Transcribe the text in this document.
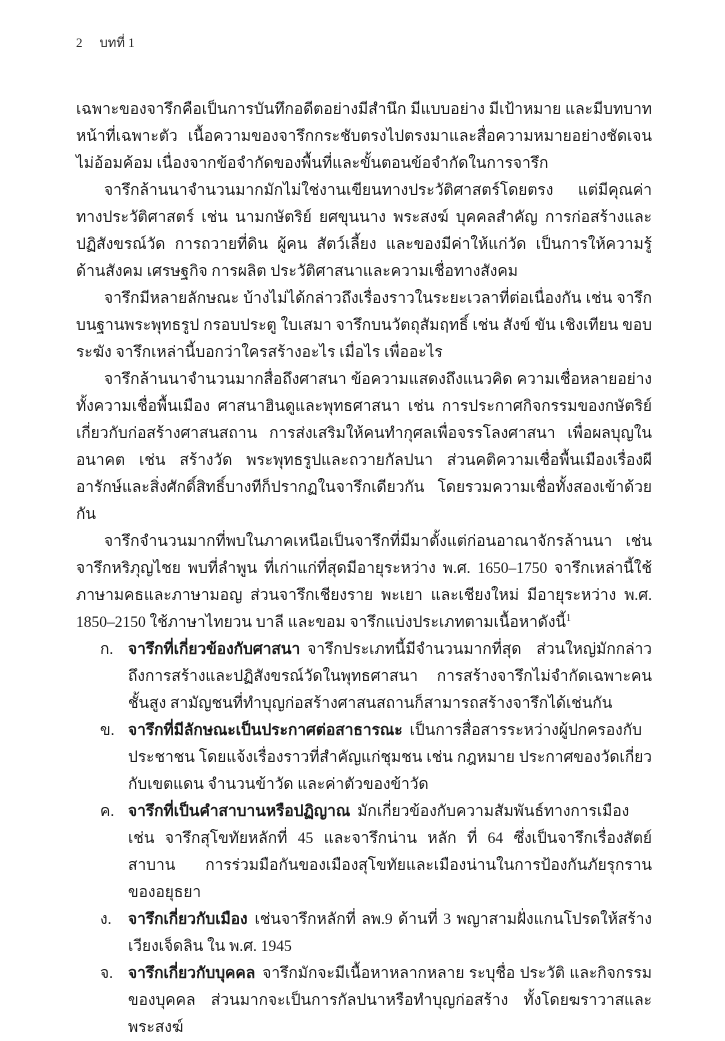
2 บทที่ 1

เฉพาะของจารึกคือเป็นการบันทึกอดีตอย่างมีสำนึก มีแบบอย่าง มีเป้าหมาย และมีบทบาทหน้าที่เฉพาะตัว เนื้อความของจารึกกระชับตรงไปตรงมาและสื่อความหมายอย่างชัดเจน ไม่อ้อมค้อม เนื่องจากข้อจำกัดของพื้นที่และขั้นตอนข้อจำกัดในการจารึก

จารึกล้านนาจำนวนมากมักไม่ใช่งานเขียนทางประวัติศาสตร์โดยตรง แต่มีคุณค่าทางประวัติศาสตร์ เช่น นามกษัตริย์ ยศขุนนาง พระสงฆ์ บุคคลสำคัญ การก่อสร้างและปฏิสังขรณ์วัด การถวายที่ดิน ผู้คน สัตว์เลี้ยง และของมีค่าให้แก่วัด เป็นการให้ความรู้ด้านสังคม เศรษฐกิจ การผลิต ประวัติศาสนาและความเชื่อทางสังคม

จารึกมีหลายลักษณะ บ้างไม่ได้กล่าวถึงเรื่องราวในระยะเวลาที่ต่อเนื่องกัน เช่น จารึกบนฐานพระพุทธรูป กรอบประตู ใบเสมา จารึกบนวัตถุสัมฤทธิ์ เช่น สังข์ ขัน เชิงเทียน ขอบระฆัง จารึกเหล่านี้บอกว่าใครสร้างอะไร เมื่อไร เพื่ออะไร

จารึกล้านนาจำนวนมากสื่อถึงศาสนา ข้อความแสดงถึงแนวคิด ความเชื่อหลายอย่างทั้งความเชื่อพื้นเมือง ศาสนาฮินดูและพุทธศาสนา เช่น การประกาศกิจกรรมของกษัตริย์เกี่ยวกับก่อสร้างศาสนสถาน การส่งเสริมให้คนทำกุศลเพื่อจรรโลงศาสนา เพื่อผลบุญในอนาคต เช่น สร้างวัด พระพุทธรูปและถวายกัลปนา ส่วนคติความเชื่อพื้นเมืองเรื่องผีอารักษ์และสิ่งศักดิ์สิทธิ์บางทีก็ปรากฏในจารึกเดียวกัน โดยรวมความเชื่อทั้งสองเข้าด้วยกัน

จารึกจำนวนมากที่พบในภาคเหนือเป็นจารึกที่มีมาตั้งแต่ก่อนอาณาจักรล้านนา เช่น จารึกหริภุญไชย พบที่ลำพูน ที่เก่าแก่ที่สุดมีอายุระหว่าง พ.ศ. 1650–1750 จารึกเหล่านี้ใช้ภาษามคธและภาษามอญ ส่วนจารึกเชียงราย พะเยา และเชียงใหม่ มีอายุระหว่าง พ.ศ. 1850–2150 ใช้ภาษาไทยวน บาลี และขอม จารึกแบ่งประเภทตามเนื้อหาดังนี้$^1$

ก. จารึกที่เกี่ยวข้องกับศาสนา จารึกประเภทนี้มีจำนวนมากที่สุด ส่วนใหญ่มักกล่าวถึงการสร้างและปฏิสังขรณ์วัดในพุทธศาสนา การสร้างจารึกไม่จำกัดเฉพาะคนชั้นสูง สามัญชนที่ทำบุญก่อสร้างศาสนสถานก็สามารถสร้างจารึกได้เช่นกัน
ข. จารึกที่มีลักษณะเป็นประกาศต่อสาธารณะ เป็นการสื่อสารระหว่างผู้ปกครองกับประชาชน โดยแจ้งเรื่องราวที่สำคัญแก่ชุมชน เช่น กฎหมาย ประกาศของวัดเกี่ยวกับเขตแดน จำนวนข้าวัด และค่าตัวของข้าวัด
ค. จารึกที่เป็นคำสาบานหรือปฏิญาณ มักเกี่ยวข้องกับความสัมพันธ์ทางการเมือง เช่น จารึกสุโขทัยหลักที่ 45 และจารึกน่าน หลัก ที่ 64 ซึ่งเป็นจารึกเรื่องสัตย์สาบาน การร่วมมือกันของเมืองสุโขทัยและเมืองน่านในการป้องกันภัยรุกรานของอยุธยา
ง.	จารึกเกี่ยวกับเมือง เช่นจารึกหลักที่ ลพ.9 ด้านที่ 3 พญาสามฝั่งแกนโปรดให้สร้างเวียงเจ็ดลิน ใน พ.ศ. 1945
จ. จารึกเกี่ยวกับบุคคล จารึกมักจะมีเนื้อหาหลากหลาย ระบุชื่อ ประวัติ และกิจกรรมของบุคคล ส่วนมากจะเป็นการกัลปนาหรือทำบุญก่อสร้าง ทั้งโดยฆราวาสและพระสงฆ์
